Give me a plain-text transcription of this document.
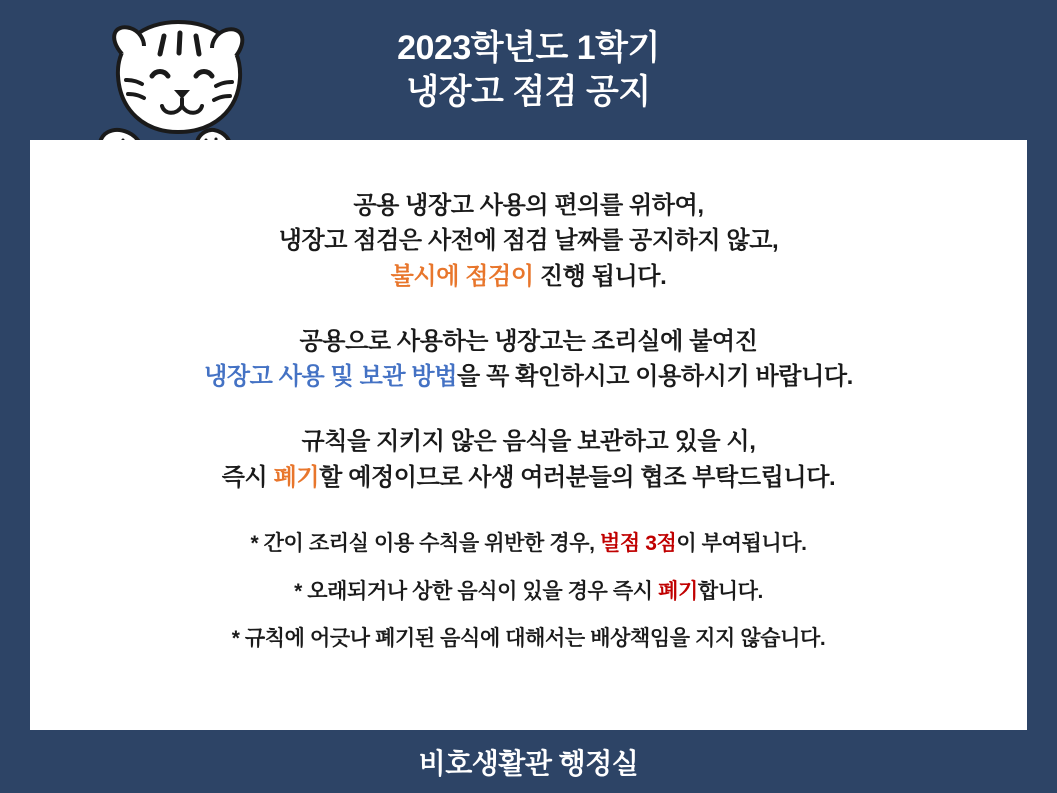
2023학년도 1학기
냉장고 점검 공지

공용 냉장고 사용의 편의를 위하여,
냉장고 점검은 사전에 점검 날짜를 공지하지 않고,
불시에 점검이 진행 됩니다.

공용으로 사용하는 냉장고는 조리실에 붙여진
냉장고 사용 및 보관 방법을 꼭 확인하시고 이용하시기 바랍니다.

규칙을 지키지 않은 음식을 보관하고 있을 시,
즉시 폐기할 예정이므로 사생 여러분들의 협조 부탁드립니다.

* 간이 조리실 이용 수칙을 위반한 경우, 벌점 3점이 부여됩니다.

* 오래되거나 상한 음식이 있을 경우 즉시 폐기합니다.

* 규칙에 어긋나 폐기된 음식에 대해서는 배상책임을 지지 않습니다.

비호생활관 행정실
